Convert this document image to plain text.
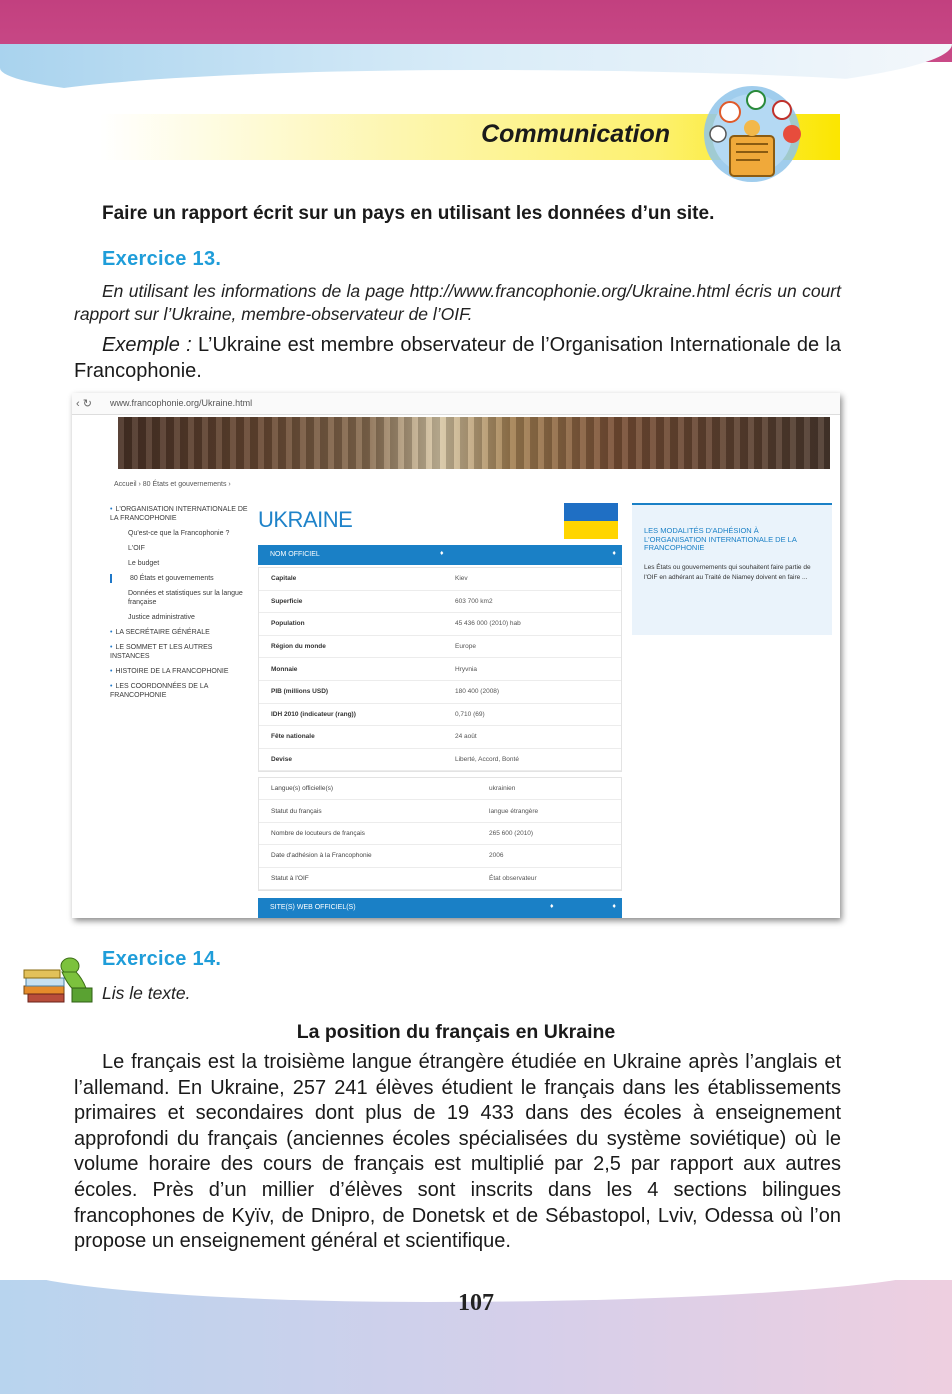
Communication
Faire un rapport écrit sur un pays en utilisant les données d’un site.
Exercice 13.
En utilisant les informations de la page http://www.francophonie.org/Ukraine.html écris un court rapport sur l’Ukraine, membre-observateur de l’OIF.
Exemple : L’Ukraine est membre observateur de l’Organisation Internationale de la Francophonie.
‹ ↻ www.francophonie.org/Ukraine.html
Accueil › 80 États et gouvernements ›
• L'ORGANISATION INTERNATIONALE DE LA FRANCOPHONIE
Qu'est-ce que la Francophonie ?
L'OIF
Le budget
80 États et gouvernements
Données et statistiques sur la langue française
Justice administrative
• LA SECRÉTAIRE GÉNÉRALE
• LE SOMMET ET LES AUTRES INSTANCES
• HISTOIRE DE LA FRANCOPHONIE
• LES COORDONNÉES DE LA FRANCOPHONIE
UKRAINE
NOM OFFICIEL	♦	♦
Capitale	Kiev
Superficie	603 700 km2
Population	45 436 000 (2010) hab
Région du monde	Europe
Monnaie	Hryvnia
PIB (millions USD)	180 400 (2008)
IDH 2010 (indicateur (rang))	0,710 (69)
Fête nationale	24 août
Devise	Liberté, Accord, Bonté
Langue(s) officielle(s)	ukrainien
Statut du français	langue étrangère
Nombre de locuteurs de français	265 600 (2010)
Date d'adhésion à la Francophonie	2006
Statut à l'OIF	État observateur
SITE(S) WEB OFFICIEL(S)	♦	♦
LES MODALITÉS D'ADHÉSION À L'ORGANISATION INTERNATIONALE DE LA FRANCOPHONIE
Les États ou gouvernements qui souhaitent faire partie de l'OIF en adhérant au Traité de Niamey doivent en faire ...
Exercice 14.
Lis le texte.
La position du français en Ukraine
Le français est la troisième langue étrangère étudiée en Ukraine après l’anglais et l’allemand. En Ukraine, 257 241 élèves étudient le français dans les établissements primaires et secondaires dont plus de 19 433 dans des écoles à enseignement approfondi du français (anciennes écoles spécialisées du système soviétique) où le volume horaire des cours de français est multiplié par 2,5 par rapport aux autres écoles. Près d’un millier d’élèves sont inscrits dans les 4 sections bilingues francophones de Kyïv, de Dnipro, de Donetsk et de Sébastopol, Lviv, Odessa où l’on propose un enseignement général et scientifique.
107
